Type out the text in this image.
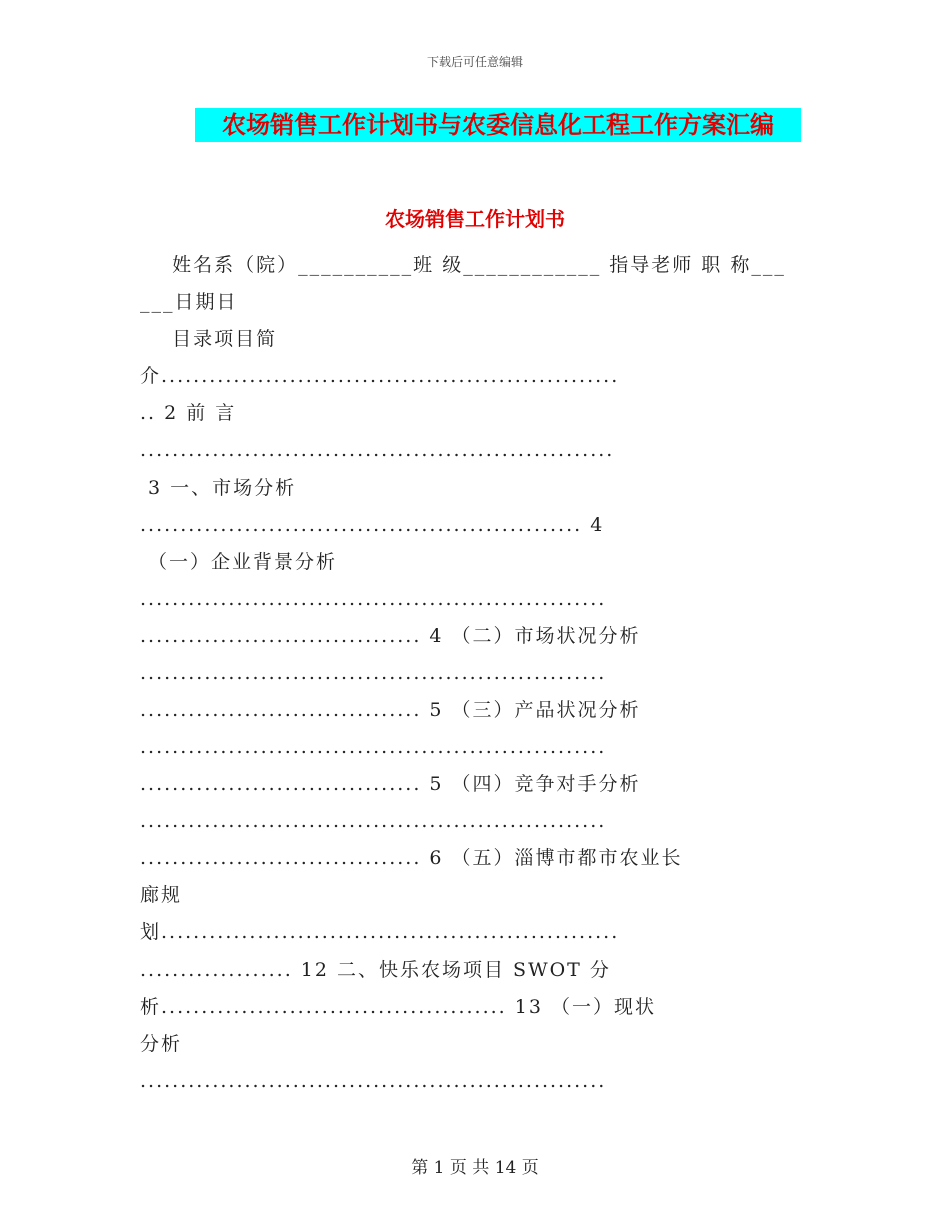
下载后可任意编辑
农场销售工作计划书与农委信息化工程工作方案汇编
农场销售工作计划书
姓名系（院）__________班 级____________ 指导老师 职 称___
___日期日
目录项目简
介.........................................................
.. 2 前 言
...........................................................
3 一、市场分析
....................................................... 4
（一）企业背景分析
..........................................................
................................... 4 （二）市场状况分析
..........................................................
................................... 5 （三）产品状况分析
..........................................................
................................... 5 （四）竞争对手分析
..........................................................
................................... 6 （五）淄博市都市农业长
廊规
划.........................................................
................... 12 二、快乐农场项目 SWOT 分
析........................................... 13 （一）现状
分析
..........................................................
第 1 页 共 14 页
